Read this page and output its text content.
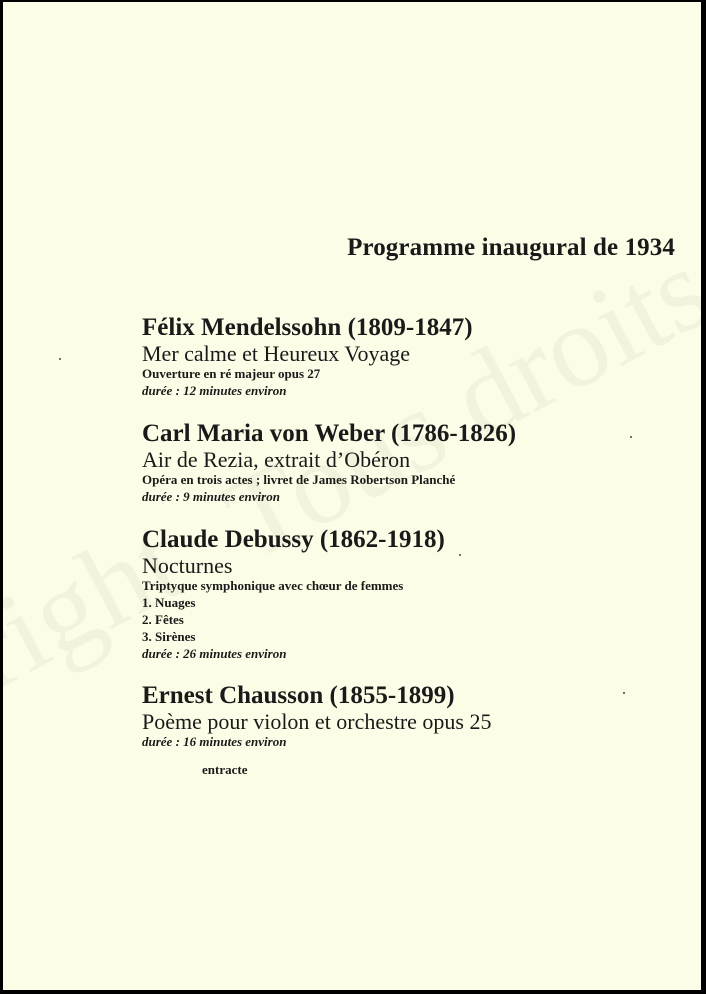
Programme inaugural de 1934
Félix Mendelssohn (1809-1847)
Mer calme et Heureux Voyage
Ouverture en ré majeur opus 27
durée : 12 minutes environ
Carl Maria von Weber (1786-1826)
Air de Rezia, extrait d’Obéron
Opéra en trois actes ; livret de James Robertson Planché
durée : 9 minutes environ
Claude Debussy (1862-1918)
Nocturnes
Triptyque symphonique avec chœur de femmes
1. Nuages
2. Fêtes
3. Sirènes
durée : 26 minutes environ
Ernest Chausson (1855-1899)
Poème pour violon et orchestre opus 25
durée : 16 minutes environ
entracte
